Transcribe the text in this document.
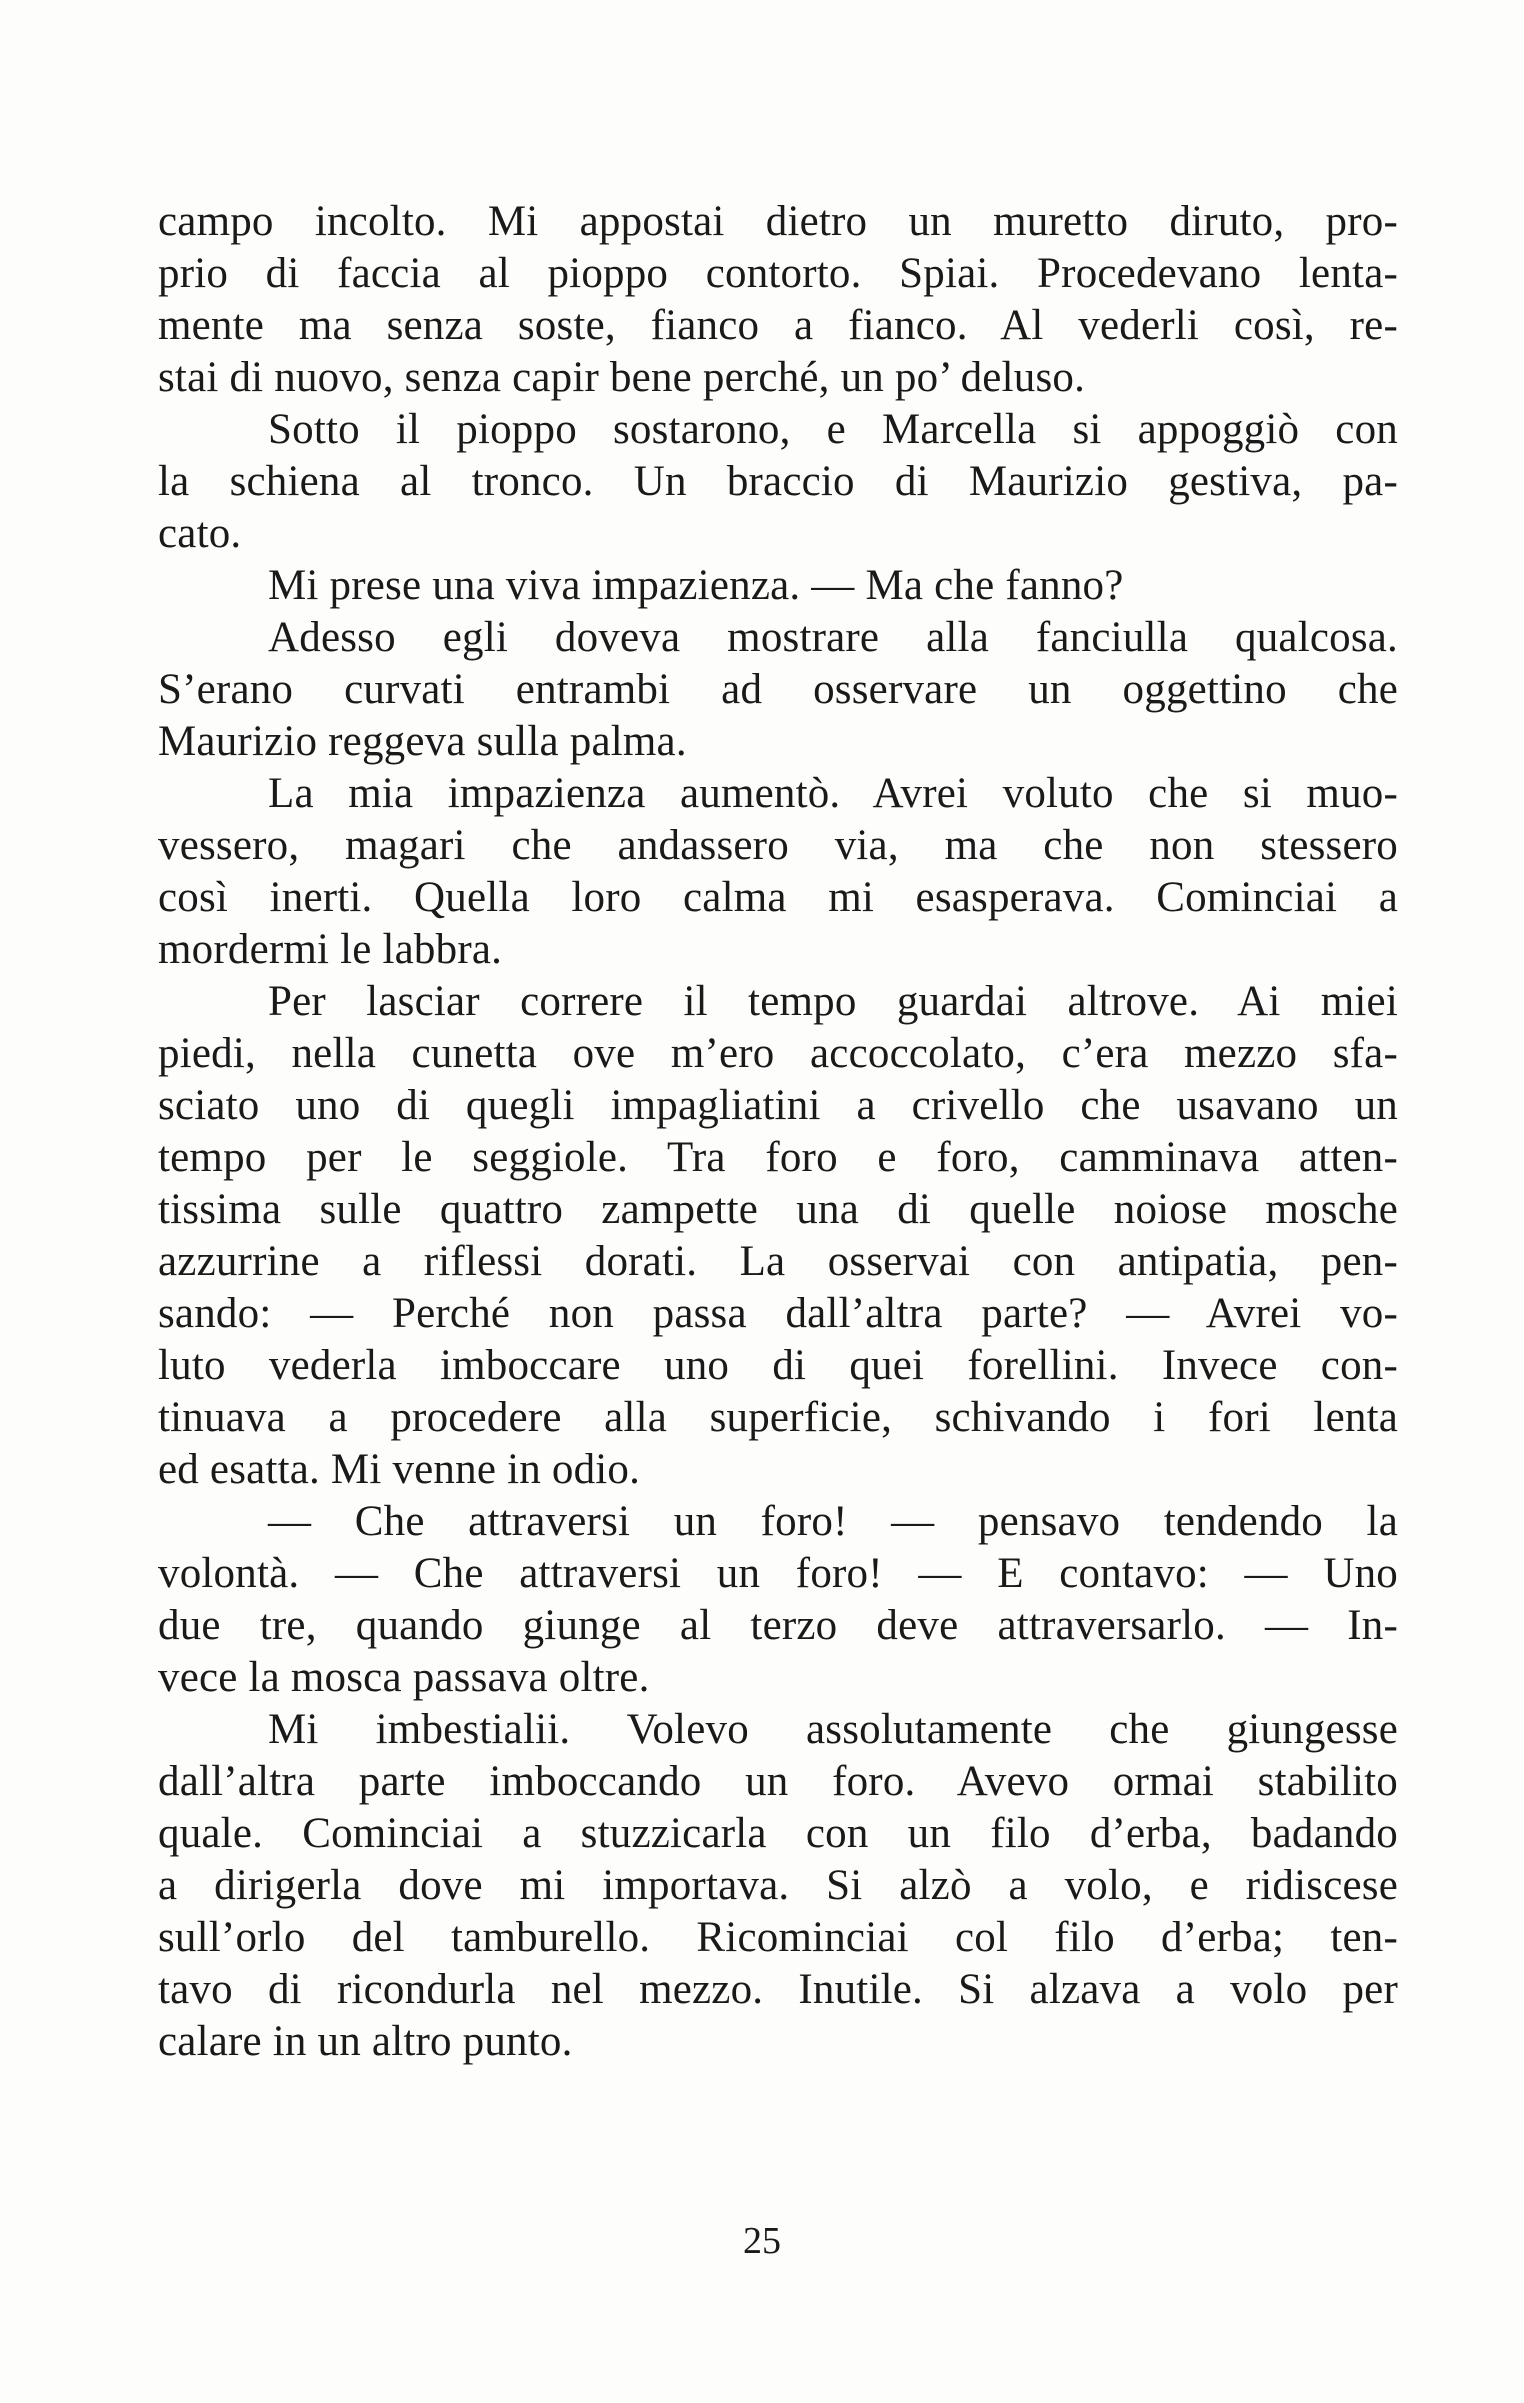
campo incolto. Mi appostai dietro un muretto diruto, pro-
prio di faccia al pioppo contorto. Spiai. Procedevano lenta-
mente ma senza soste, fianco a fianco. Al vederli così, re-
stai di nuovo, senza capir bene perché, un po’ deluso.
Sotto il pioppo sostarono, e Marcella si appoggiò con
la schiena al tronco. Un braccio di Maurizio gestiva, pa-
cato.
Mi prese una viva impazienza. — Ma che fanno?
Adesso egli doveva mostrare alla fanciulla qualcosa.
S’erano curvati entrambi ad osservare un oggettino che
Maurizio reggeva sulla palma.
La mia impazienza aumentò. Avrei voluto che si muo-
vessero, magari che andassero via, ma che non stessero
così inerti. Quella loro calma mi esasperava. Cominciai a
mordermi le labbra.
Per lasciar correre il tempo guardai altrove. Ai miei
piedi, nella cunetta ove m’ero accoccolato, c’era mezzo sfa-
sciato uno di quegli impagliatini a crivello che usavano un
tempo per le seggiole. Tra foro e foro, camminava atten-
tissima sulle quattro zampette una di quelle noiose mosche
azzurrine a riflessi dorati. La osservai con antipatia, pen-
sando: — Perché non passa dall’altra parte? — Avrei vo-
luto vederla imboccare uno di quei forellini. Invece con-
tinuava a procedere alla superficie, schivando i fori lenta
ed esatta. Mi venne in odio.
— Che attraversi un foro! — pensavo tendendo la
volontà. — Che attraversi un foro! — E contavo: — Uno
due tre, quando giunge al terzo deve attraversarlo. — In-
vece la mosca passava oltre.
Mi imbestialii. Volevo assolutamente che giungesse
dall’altra parte imboccando un foro. Avevo ormai stabilito
quale. Cominciai a stuzzicarla con un filo d’erba, badando
a dirigerla dove mi importava. Si alzò a volo, e ridiscese
sull’orlo del tamburello. Ricominciai col filo d’erba; ten-
tavo di ricondurla nel mezzo. Inutile. Si alzava a volo per
calare in un altro punto.
25
